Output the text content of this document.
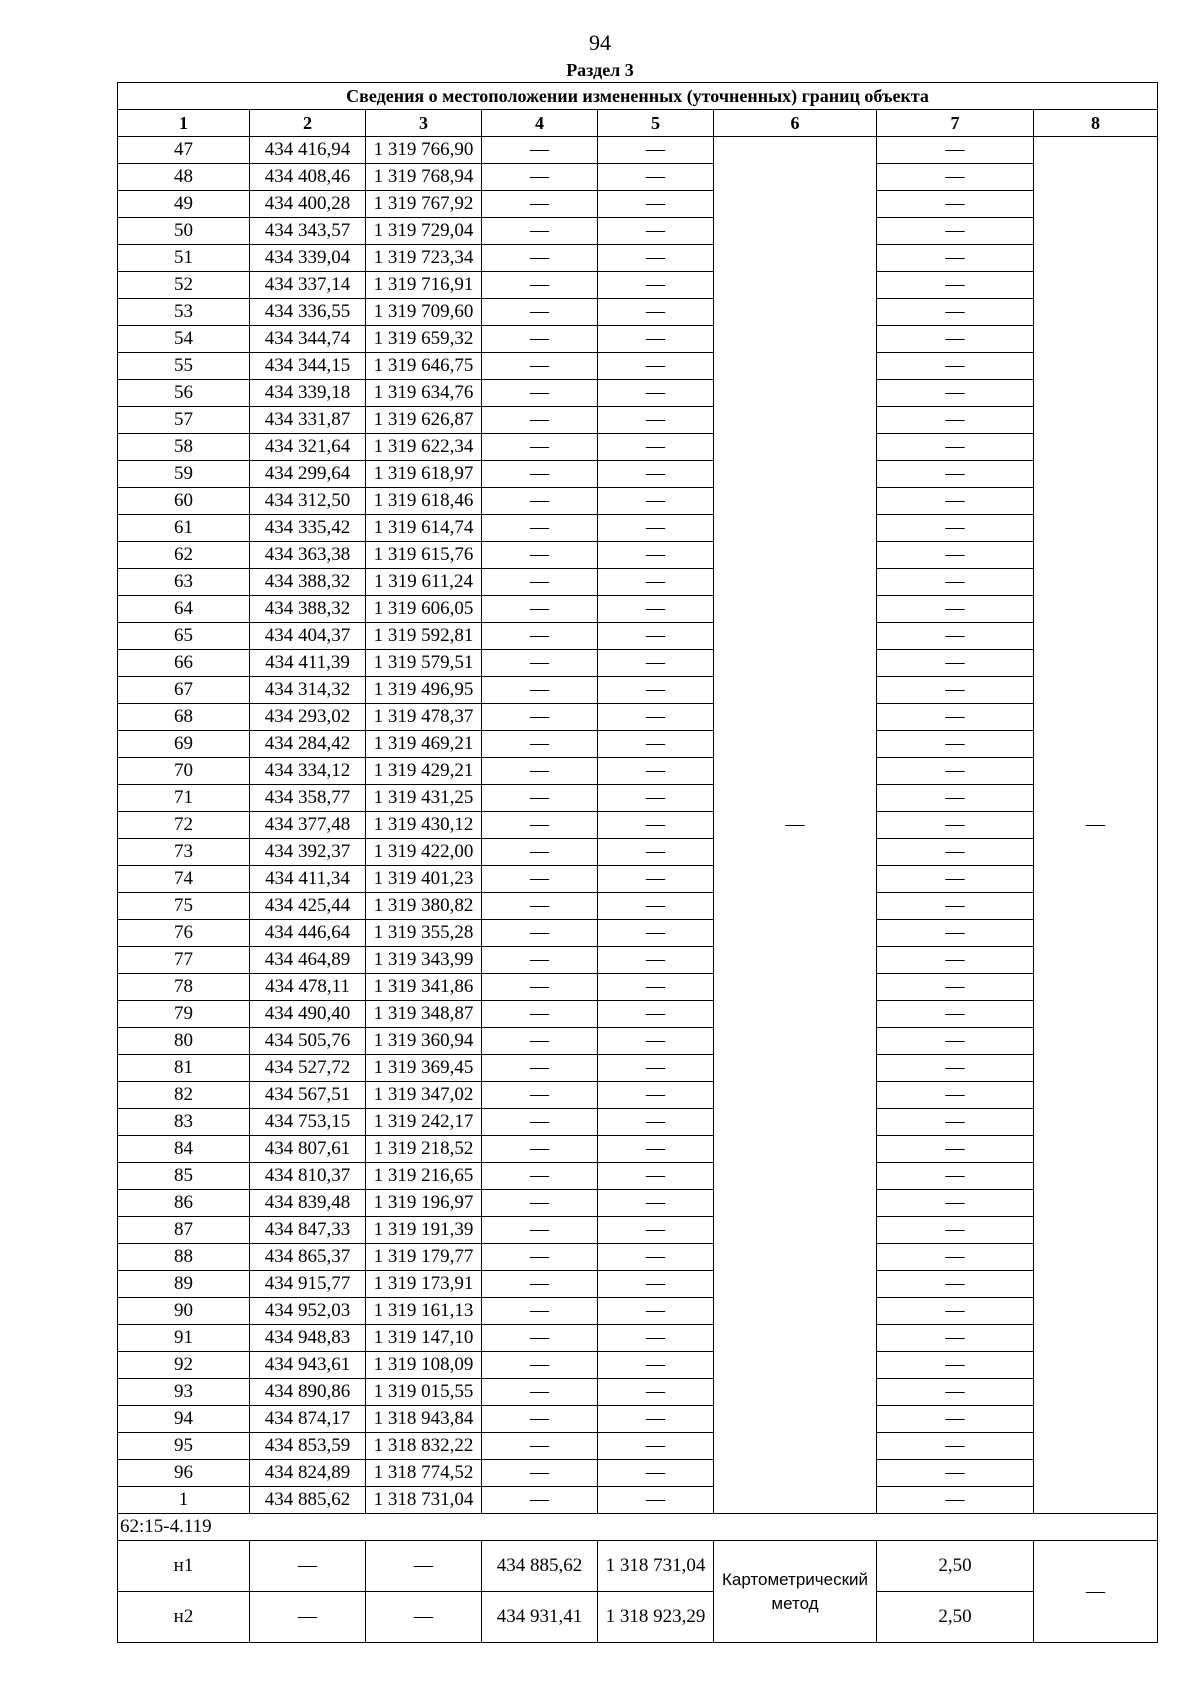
94
Раздел 3
Сведения о местоположении измененных (уточненных) границ объекта							
1	2	3	4	5	6	7	8
47	434 416,94	1 319 766,90	—	—	—	—	—
48	434 408,46	1 319 768,94	—	—		—	
49	434 400,28	1 319 767,92	—	—		—	
50	434 343,57	1 319 729,04	—	—		—	
51	434 339,04	1 319 723,34	—	—		—	
52	434 337,14	1 319 716,91	—	—		—	
53	434 336,55	1 319 709,60	—	—		—	
54	434 344,74	1 319 659,32	—	—		—	
55	434 344,15	1 319 646,75	—	—		—	
56	434 339,18	1 319 634,76	—	—		—	
57	434 331,87	1 319 626,87	—	—		—	
58	434 321,64	1 319 622,34	—	—		—	
59	434 299,64	1 319 618,97	—	—		—	
60	434 312,50	1 319 618,46	—	—		—	
61	434 335,42	1 319 614,74	—	—		—	
62	434 363,38	1 319 615,76	—	—		—	
63	434 388,32	1 319 611,24	—	—		—	
64	434 388,32	1 319 606,05	—	—		—	
65	434 404,37	1 319 592,81	—	—		—	
66	434 411,39	1 319 579,51	—	—		—	
67	434 314,32	1 319 496,95	—	—		—	
68	434 293,02	1 319 478,37	—	—		—	
69	434 284,42	1 319 469,21	—	—		—	
70	434 334,12	1 319 429,21	—	—		—	
71	434 358,77	1 319 431,25	—	—		—	
72	434 377,48	1 319 430,12	—	—		—	
73	434 392,37	1 319 422,00	—	—		—	
74	434 411,34	1 319 401,23	—	—		—	
75	434 425,44	1 319 380,82	—	—		—	
76	434 446,64	1 319 355,28	—	—		—	
77	434 464,89	1 319 343,99	—	—		—	
78	434 478,11	1 319 341,86	—	—		—	
79	434 490,40	1 319 348,87	—	—		—	
80	434 505,76	1 319 360,94	—	—		—	
81	434 527,72	1 319 369,45	—	—		—	
82	434 567,51	1 319 347,02	—	—		—	
83	434 753,15	1 319 242,17	—	—		—	
84	434 807,61	1 319 218,52	—	—		—	
85	434 810,37	1 319 216,65	—	—		—	
86	434 839,48	1 319 196,97	—	—		—	
87	434 847,33	1 319 191,39	—	—		—	
88	434 865,37	1 319 179,77	—	—		—	
89	434 915,77	1 319 173,91	—	—		—	
90	434 952,03	1 319 161,13	—	—		—	
91	434 948,83	1 319 147,10	—	—		—	
92	434 943,61	1 319 108,09	—	—		—	
93	434 890,86	1 319 015,55	—	—		—	
94	434 874,17	1 318 943,84	—	—		—	
95	434 853,59	1 318 832,22	—	—		—	
96	434 824,89	1 318 774,52	—	—		—	
1	434 885,62	1 318 731,04	—	—		—	
62:15-4.119							
н1	—	—	434 885,62	1 318 731,04	Картометрический метод	2,50	—
н2	—	—	434 931,41	1 318 923,29		2,50	
